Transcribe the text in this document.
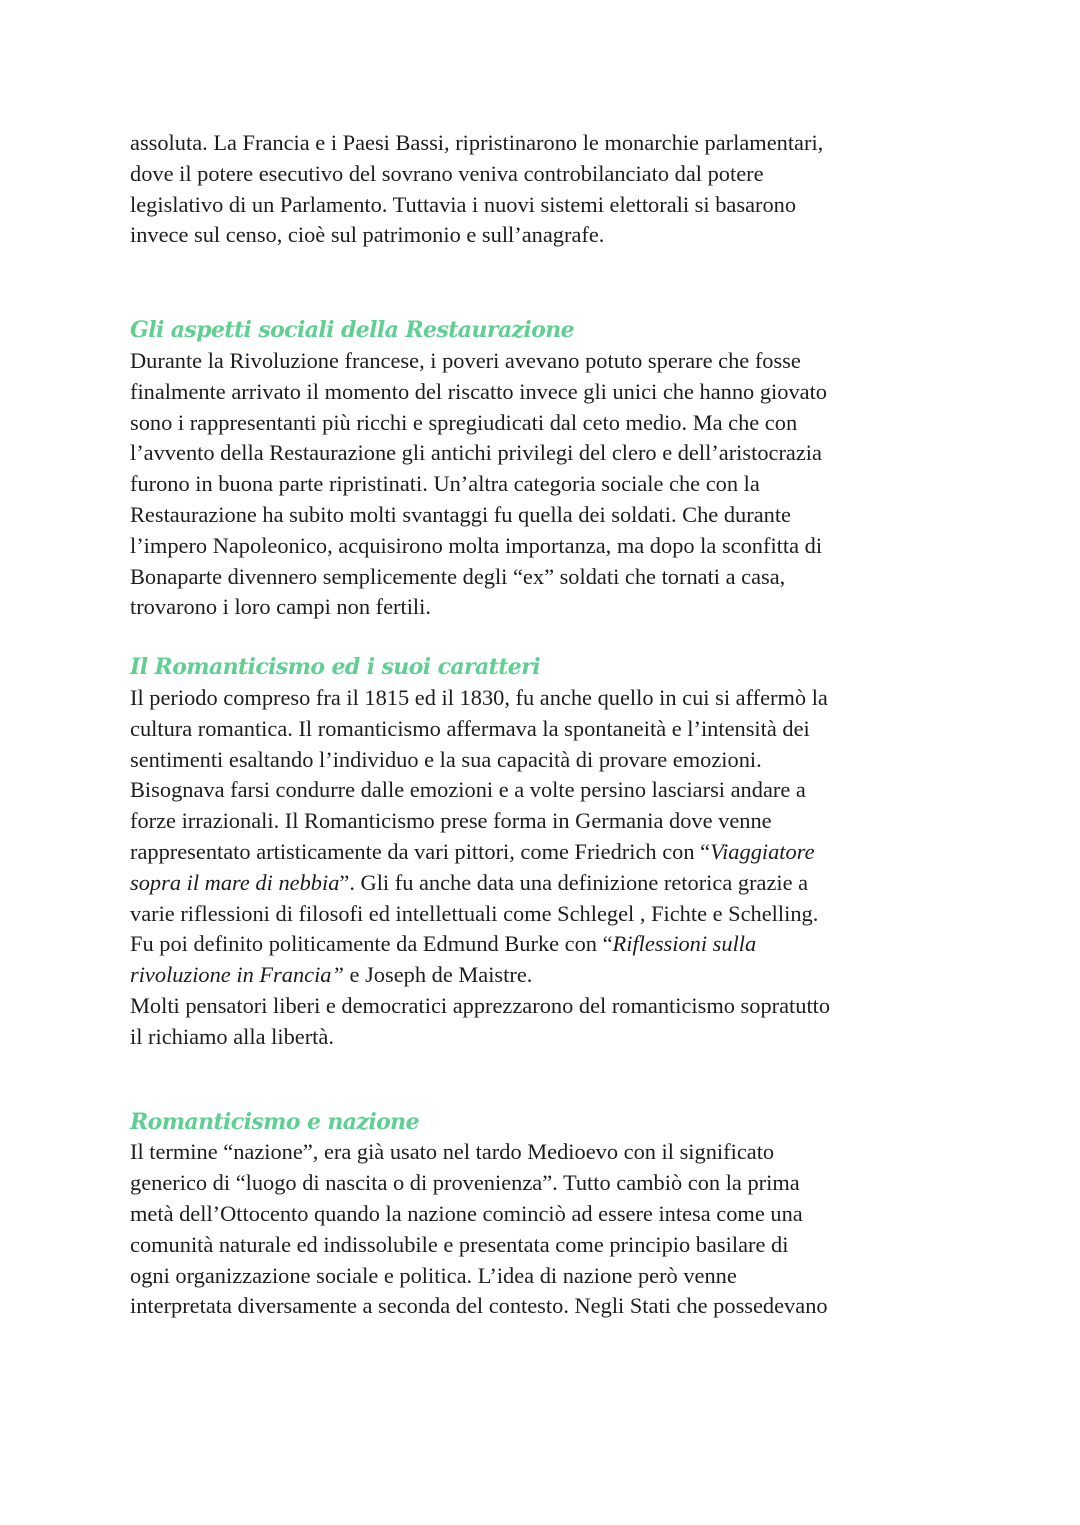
assoluta. La Francia e i Paesi Bassi, ripristinarono le monarchie parlamentari,
dove il potere esecutivo del sovrano veniva controbilanciato dal potere
legislativo di un Parlamento. Tuttavia i nuovi sistemi elettorali si basarono
invece sul censo, cioè sul patrimonio e sull’anagrafe.
Gli aspetti sociali della Restaurazione
Durante la Rivoluzione francese, i poveri avevano potuto sperare che fosse
finalmente arrivato il momento del riscatto invece gli unici che hanno giovato
sono i rappresentanti più ricchi e spregiudicati dal ceto medio. Ma che con
l’avvento della Restaurazione gli antichi privilegi del clero e dell’aristocrazia
furono in buona parte ripristinati. Un’altra categoria sociale che con la
Restaurazione ha subito molti svantaggi fu quella dei soldati. Che durante
l’impero Napoleonico, acquisirono molta importanza, ma dopo la sconfitta di
Bonaparte divennero semplicemente degli “ex” soldati che tornati a casa,
trovarono i loro campi non fertili.
Il Romanticismo ed i suoi caratteri
Il periodo compreso fra il 1815 ed il 1830, fu anche quello in cui si affermò la
cultura romantica. Il romanticismo affermava la spontaneità e l’intensità dei
sentimenti esaltando l’individuo e la sua capacità di provare emozioni.
Bisognava farsi condurre dalle emozioni e a volte persino lasciarsi andare a
forze irrazionali. Il Romanticismo prese forma in Germania dove venne
rappresentato artisticamente da vari pittori, come Friedrich con “Viaggiatore
sopra il mare di nebbia”. Gli fu anche data una definizione retorica grazie a
varie riflessioni di filosofi ed intellettuali come Schlegel , Fichte e Schelling.
Fu poi definito politicamente da Edmund Burke con “Riflessioni sulla
rivoluzione in Francia” e Joseph de Maistre.
Molti pensatori liberi e democratici apprezzarono del romanticismo sopratutto
il richiamo alla libertà.
Romanticismo e nazione
Il termine “nazione”, era già usato nel tardo Medioevo con il significato
generico di “luogo di nascita o di provenienza”. Tutto cambiò con la prima
metà dell’Ottocento quando la nazione cominciò ad essere intesa come una
comunità naturale ed indissolubile e presentata come principio basilare di
ogni organizzazione sociale e politica. L’idea di nazione però venne
interpretata diversamente a seconda del contesto. Negli Stati che possedevano
